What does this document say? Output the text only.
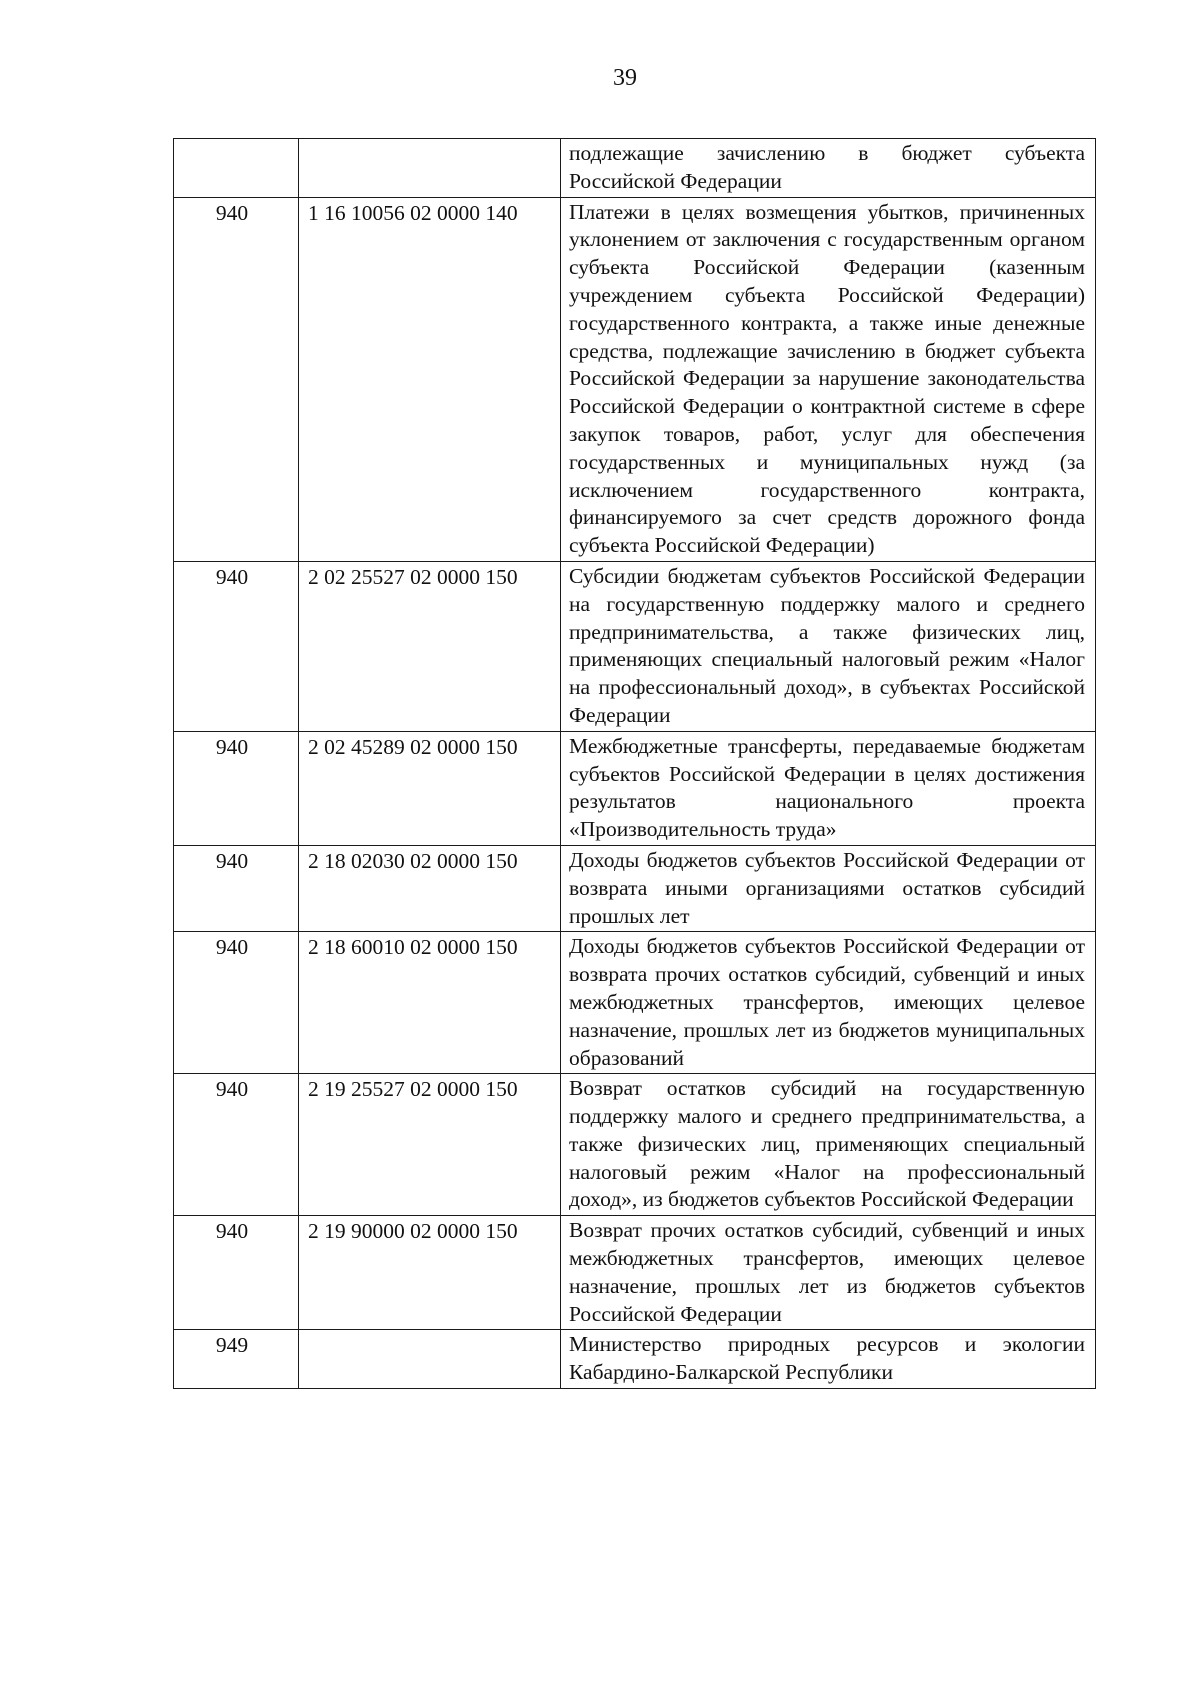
39
		подлежащие зачислению в бюджет субъекта Российской Федерации
940	1 16 10056 02 0000 140	Платежи в целях возмещения убытков, причиненных уклонением от заключения с государственным органом субъекта Российской Федерации (казенным учреждением субъекта Российской Федерации) государственного контракта, а также иные денежные средства, подлежащие зачислению в бюджет субъекта Российской Федерации за нарушение законодательства Российской Федерации о контрактной системе в сфере закупок товаров, работ, услуг для обеспечения государственных и муниципальных нужд (за исключением государственного контракта, финансируемого за счет средств дорожного фонда субъекта Российской Федерации)
940	2 02 25527 02 0000 150	Субсидии бюджетам субъектов Российской Федерации на государственную поддержку малого и среднего предпринимательства, а также физических лиц, применяющих специальный налоговый режим «Налог на профессиональный доход», в субъектах Российской Федерации
940	2 02 45289 02 0000 150	Межбюджетные трансферты, передаваемые бюджетам субъектов Российской Федерации в целях достижения результатов национального проекта «Производительность труда»
940	2 18 02030 02 0000 150	Доходы бюджетов субъектов Российской Федерации от возврата иными организациями остатков субсидий прошлых лет
940	2 18 60010 02 0000 150	Доходы бюджетов субъектов Российской Федерации от возврата прочих остатков субсидий, субвенций и иных межбюджетных трансфертов, имеющих целевое назначение, прошлых лет из бюджетов муниципальных образований
940	2 19 25527 02 0000 150	Возврат остатков субсидий на государственную поддержку малого и среднего предпринимательства, а также физических лиц, применяющих специальный налоговый режим «Налог на профессиональный доход», из бюджетов субъектов Российской Федерации
940	2 19 90000 02 0000 150	Возврат прочих остатков субсидий, субвенций и иных межбюджетных трансфертов, имеющих целевое назначение, прошлых лет из бюджетов субъектов Российской Федерации
949		Министерство природных ресурсов и экологии Кабардино-Балкарской Республики
